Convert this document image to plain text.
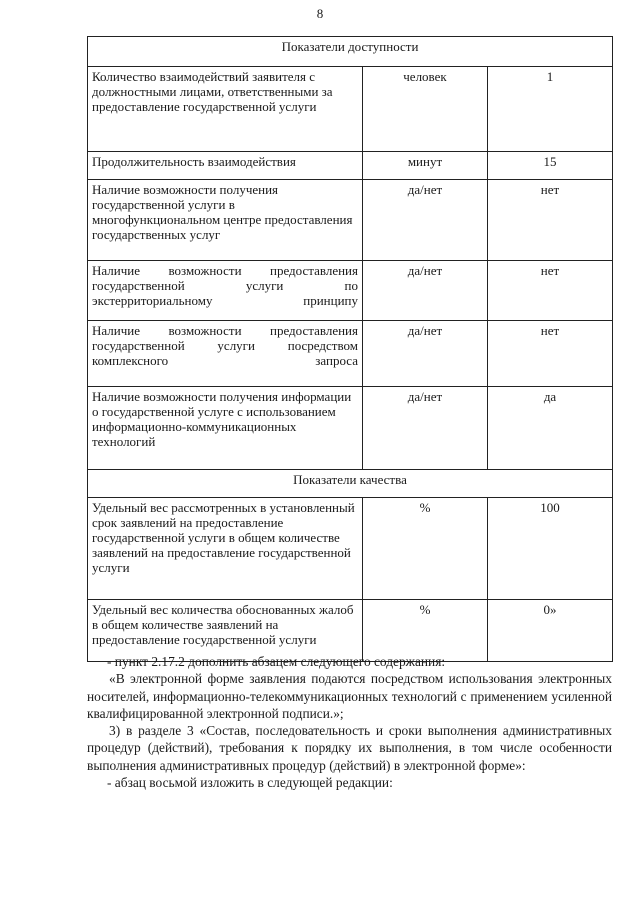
8
Показатели доступности		
Количество взаимодействий заявителя с должностными лицами, ответственными за предоставление государственной услуги	человек	1
Продолжительность взаимодействия	минут	15
Наличие возможности получения государственной услуги в многофункциональном центре предоставления государственных услуг	да/нет	нет
Наличие возможности предоставления государственной услуги по экстерриториальному принципу	да/нет	нет
Наличие возможности предоставления государственной услуги посредством комплексного запроса	да/нет	нет
Наличие возможности получения информации о государственной услуге с использованием информационно-коммуникационных технологий	да/нет	да
Показатели качества		
Удельный вес рассмотренных в установленный срок заявлений на предоставление государственной услуги в общем количестве заявлений на предоставление государственной услуги	%	100
Удельный вес количества обоснованных жалоб в общем количестве заявлений на предоставление государственной услуги	%	0»

- пункт 2.17.2 дополнить абзацем следующего содержания:

«В электронной форме заявления подаются посредством использования электронных носителей, информационно-телекоммуникационных технологий с применением усиленной квалифицированной электронной подписи.»;

3) в разделе 3 «Состав, последовательность и сроки выполнения административных процедур (действий), требования к порядку их выполнения, в том числе особенности выполнения административных процедур (действий) в электронной форме»:

- абзац восьмой изложить в следующей редакции:
